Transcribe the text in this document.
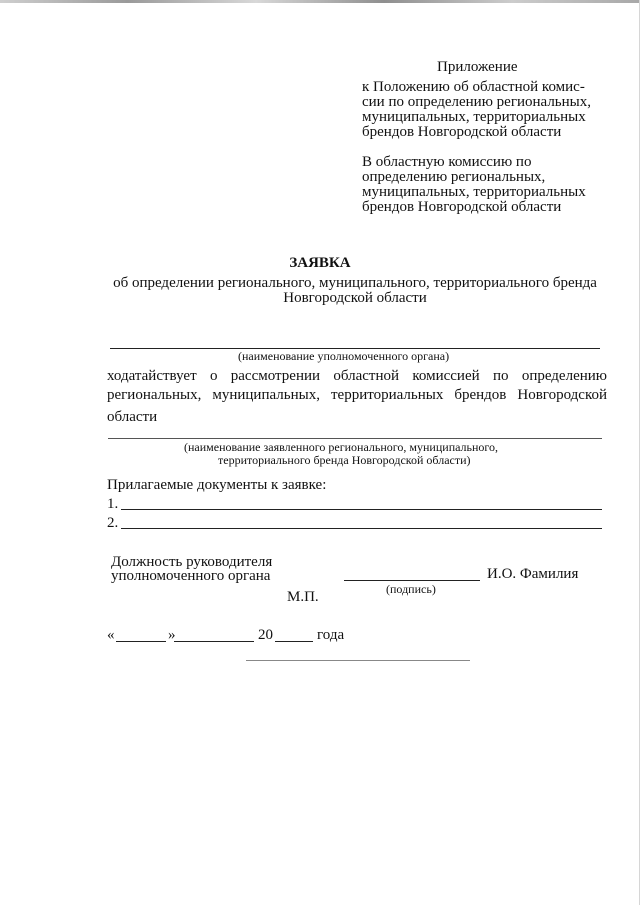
Приложение
к Положению об областной комис-
сии по определению региональных,
муниципальных, территориальных
брендов Новгородской области
В областную комиссию по
определению региональных,
муниципальных, территориальных
брендов Новгородской области
ЗАЯВКА
об определении регионального, муниципального, территориального бренда
Новгородской области
(наименование уполномоченного органа)
ходатайствует о рассмотрении областной комиссией по определению
региональных, муниципальных, территориальных брендов Новгородской
области
(наименование заявленного регионального, муниципального,
территориального бренда Новгородской области)
Прилагаемые документы к заявке:
1.
2.
Должность руководителя
уполномоченного органа	И.О. Фамилия
(подпись)
М.П.
«	»	20	года
